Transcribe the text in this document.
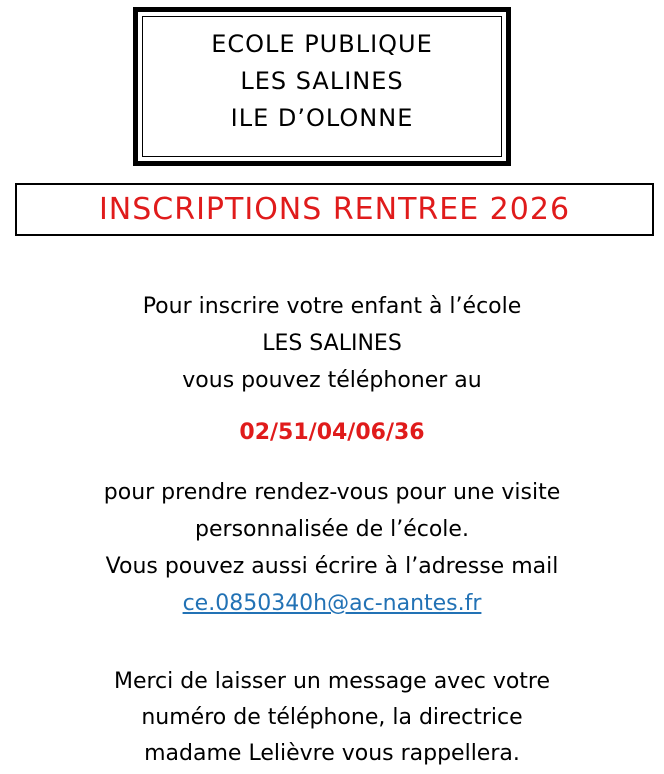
ECOLE PUBLIQUE
LES SALINES
ILE D’OLONNE
INSCRIPTIONS RENTREE 2026
Pour inscrire votre enfant à l’école
LES SALINES
vous pouvez téléphoner au
02/51/04/06/36
pour prendre rendez-vous pour une visite
personnalisée de l’école.
Vous pouvez aussi écrire à l’adresse mail
ce.0850340h@ac-nantes.fr
Merci de laisser un message avec votre
numéro de téléphone, la directrice
madame Lelièvre vous rappellera.
